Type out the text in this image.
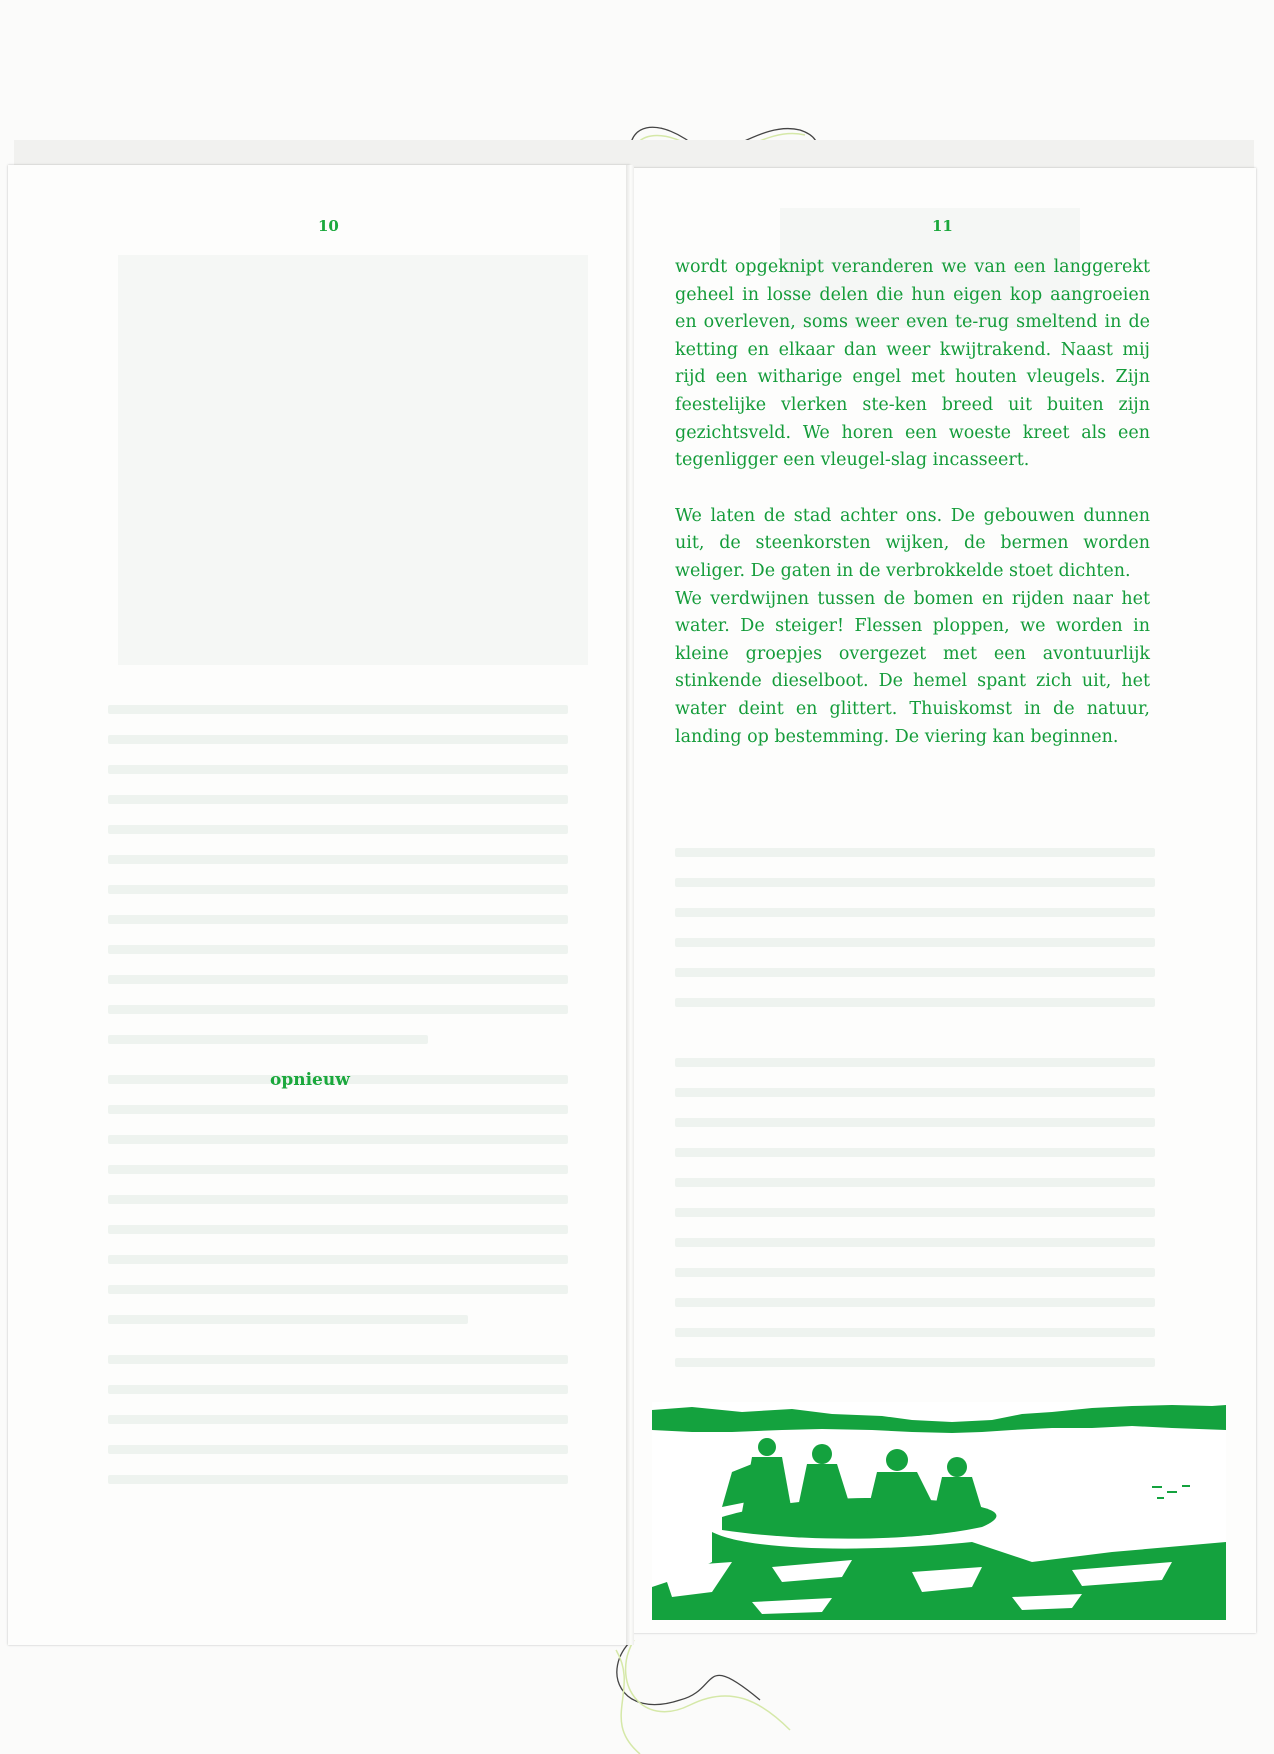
10	11

wordt opgeknipt veranderen we van een langgerekt geheel in losse delen die hun eigen kop aangroeien en overleven, soms weer even te-rug smeltend in de ketting en elkaar dan weer kwijtrakend. Naast mij rijd een witharige engel met houten vleugels. Zijn feestelijke vlerken ste-ken breed uit buiten zijn gezichtsveld. We horen een woeste kreet als een tegenligger een vleugel-slag incasseert.

We laten de stad achter ons. De gebouwen dunnen uit, de steenkorsten wijken, de bermen worden weliger. De gaten in de verbrokkelde stoet dichten.

We verdwijnen tussen de bomen en rijden naar het water. De steiger! Flessen ploppen, we worden in kleine groepjes overgezet met een avontuurlijk stinkende dieselboot. De hemel spant zich uit, het water deint en glittert. Thuiskomst in de natuur, landing op bestemming. De viering kan beginnen.

opnieuw
